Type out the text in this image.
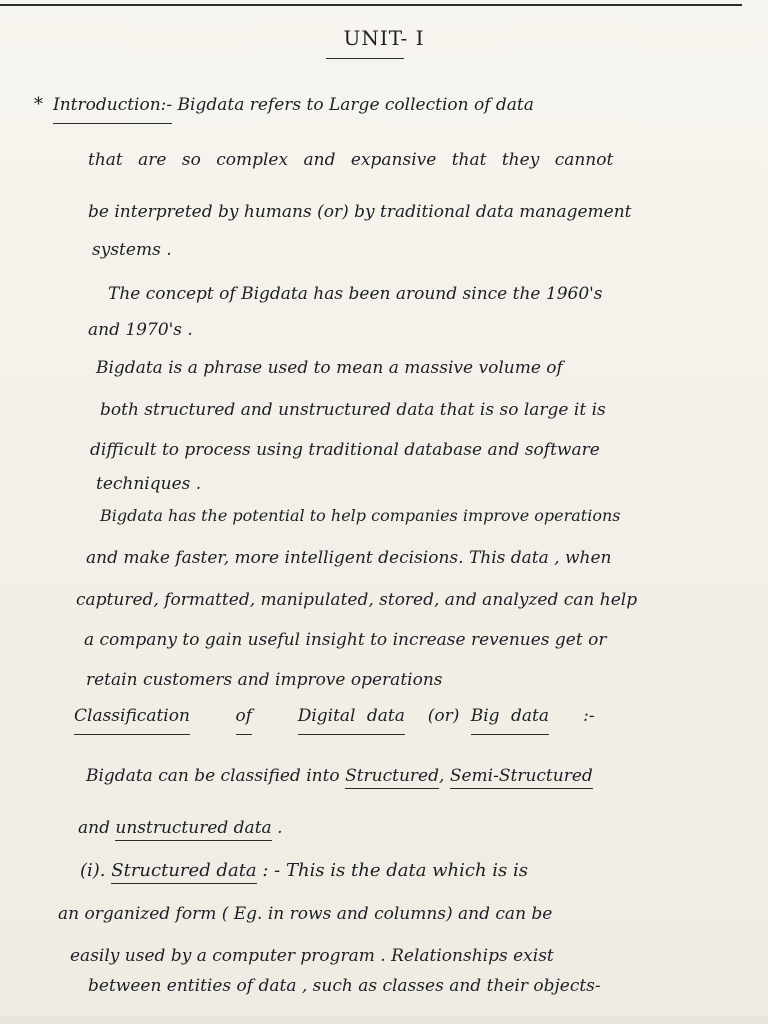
UNIT- I
* Introduction:- Bigdata refers to Large collection of data
that are so complex and expansive that they cannot
be interpreted by humans (or) by traditional data management
systems .
The concept of Bigdata has been around since the 1960's
and 1970's .
Bigdata is a phrase used to mean a massive volume of
both structured and unstructured data that is so large it is
difficult to process using traditional database and software
techniques .
Bigdata has the potential to help companies improve operations
and make faster, more intelligent decisions. This data , when
captured, formatted, manipulated, stored, and analyzed can help
a company to gain useful insight to increase revenues get or
retain customers and improve operations
Classification	of	Digital data (or) Big data :-
Bigdata can be classified into Structured, Semi-Structured
and unstructured data .
(i). Structured data : - This is the data which is is
an organized form ( Eg. in rows and columns) and can be
easily used by a computer program . Relationships exist
between entities of data , such as classes and their objects-
